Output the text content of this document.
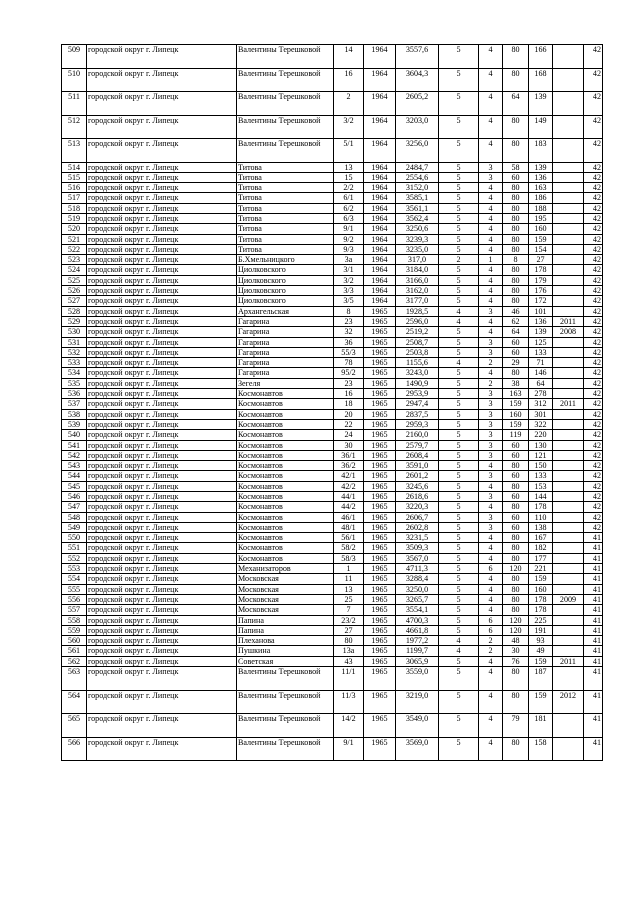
509	городской округ г. Липецк	Валентины Терешковой	14	1964	3557,6	5	4	80	166		42
510	городской округ г. Липецк	Валентины Терешковой	16	1964	3604,3	5	4	80	168		42
511	городской округ г. Липецк	Валентины Терешковой	2	1964	2605,2	5	4	64	139		42
512	городской округ г. Липецк	Валентины Терешковой	3/2	1964	3203,0	5	4	80	149		42
513	городской округ г. Липецк	Валентины Терешковой	5/1	1964	3256,0	5	4	80	183		42
514	городской округ г. Липецк	Титова	13	1964	2484,7	5	3	58	139		42
515	городской округ г. Липецк	Титова	15	1964	2554,6	5	3	60	136		42
516	городской округ г. Липецк	Титова	2/2	1964	3152,0	5	4	80	163		42
517	городской округ г. Липецк	Титова	6/1	1964	3585,1	5	4	80	186		42
518	городской округ г. Липецк	Титова	6/2	1964	3561,1	5	4	80	188		42
519	городской округ г. Липецк	Титова	6/3	1964	3562,4	5	4	80	195		42
520	городской округ г. Липецк	Титова	9/1	1964	3250,6	5	4	80	160		42
521	городской округ г. Липецк	Титова	9/2	1964	3239,3	5	4	80	159		42
522	городской округ г. Липецк	Титова	9/3	1964	3235,0	5	4	80	154		42
523	городской округ г. Липецк	Б.Хмельницкого	3а	1964	317,0	2	1	8	27		42
524	городской округ г. Липецк	Циолковского	3/1	1964	3184,0	5	4	80	178		42
525	городской округ г. Липецк	Циолковского	3/2	1964	3166,0	5	4	80	179		42
526	городской округ г. Липецк	Циолковского	3/3	1964	3162,0	5	4	80	176		42
527	городской округ г. Липецк	Циолковского	3/5	1964	3177,0	5	4	80	172		42
528	городской округ г. Липецк	Архангельская	8	1965	1928,5	4	3	46	101		42
529	городской округ г. Липецк	Гагарина	23	1965	2596,0	4	4	62	136	2011	42
530	городской округ г. Липецк	Гагарина	32	1965	2519,2	5	4	64	139	2008	42
531	городской округ г. Липецк	Гагарина	36	1965	2508,7	5	3	60	125		42
532	городской округ г. Липецк	Гагарина	55/3	1965	2503,8	5	3	60	133		42
533	городской округ г. Липецк	Гагарина	78	1965	1155,6	4	2	29	71		42
534	городской округ г. Липецк	Гагарина	95/2	1965	3243,0	5	4	80	146		42
535	городской округ г. Липецк	Зегеля	23	1965	1490,9	5	2	38	64		42
536	городской округ г. Липецк	Космонавтов	16	1965	2953,9	5	3	163	278		42
537	городской округ г. Липецк	Космонавтов	18	1965	2947,4	5	3	159	312	2011	42
538	городской округ г. Липецк	Космонавтов	20	1965	2837,5	5	3	160	301		42
539	городской округ г. Липецк	Космонавтов	22	1965	2959,3	5	3	159	322		42
540	городской округ г. Липецк	Космонавтов	24	1965	2160,0	5	3	119	220		42
541	городской округ г. Липецк	Космонавтов	30	1965	2579,7	5	3	60	130		42
542	городской округ г. Липецк	Космонавтов	36/1	1965	2608,4	5	3	60	121		42
543	городской округ г. Липецк	Космонавтов	36/2	1965	3591,0	5	4	80	150		42
544	городской округ г. Липецк	Космонавтов	42/1	1965	2601,2	5	3	60	133		42
545	городской округ г. Липецк	Космонавтов	42/2	1965	3245,6	5	4	80	153		42
546	городской округ г. Липецк	Космонавтов	44/1	1965	2618,6	5	3	60	144		42
547	городской округ г. Липецк	Космонавтов	44/2	1965	3220,3	5	4	80	178		42
548	городской округ г. Липецк	Космонавтов	46/1	1965	2606,7	5	3	60	110		42
549	городской округ г. Липецк	Космонавтов	48/1	1965	2602,8	5	3	60	138		42
550	городской округ г. Липецк	Космонавтов	56/1	1965	3231,5	5	4	80	167		41
551	городской округ г. Липецк	Космонавтов	58/2	1965	3509,3	5	4	80	182		41
552	городской округ г. Липецк	Космонавтов	58/3	1965	3567,0	5	4	80	177		41
553	городской округ г. Липецк	Механизаторов	1	1965	4711,3	5	6	120	221		41
554	городской округ г. Липецк	Московская	11	1965	3288,4	5	4	80	159		41
555	городской округ г. Липецк	Московская	13	1965	3250,0	5	4	80	160		41
556	городской округ г. Липецк	Московская	25	1965	3265,7	5	4	80	178	2009	41
557	городской округ г. Липецк	Московская	7	1965	3554,1	5	4	80	178		41
558	городской округ г. Липецк	Папина	23/2	1965	4700,3	5	6	120	225		41
559	городской округ г. Липецк	Папина	27	1965	4661,8	5	6	120	191		41
560	городской округ г. Липецк	Плеханова	80	1965	1977,2	4	2	48	93		41
561	городской округ г. Липецк	Пушкина	13а	1965	1199,7	4	2	30	49		41
562	городской округ г. Липецк	Советская	43	1965	3065,9	5	4	76	159	2011	41
563	городской округ г. Липецк	Валентины Терешковой	11/1	1965	3559,0	5	4	80	187		41
564	городской округ г. Липецк	Валентины Терешковой	11/3	1965	3219,0	5	4	80	159	2012	41
565	городской округ г. Липецк	Валентины Терешковой	14/2	1965	3549,0	5	4	79	181		41
566	городской округ г. Липецк	Валентины Терешковой	9/1	1965	3569,0	5	4	80	158		41
